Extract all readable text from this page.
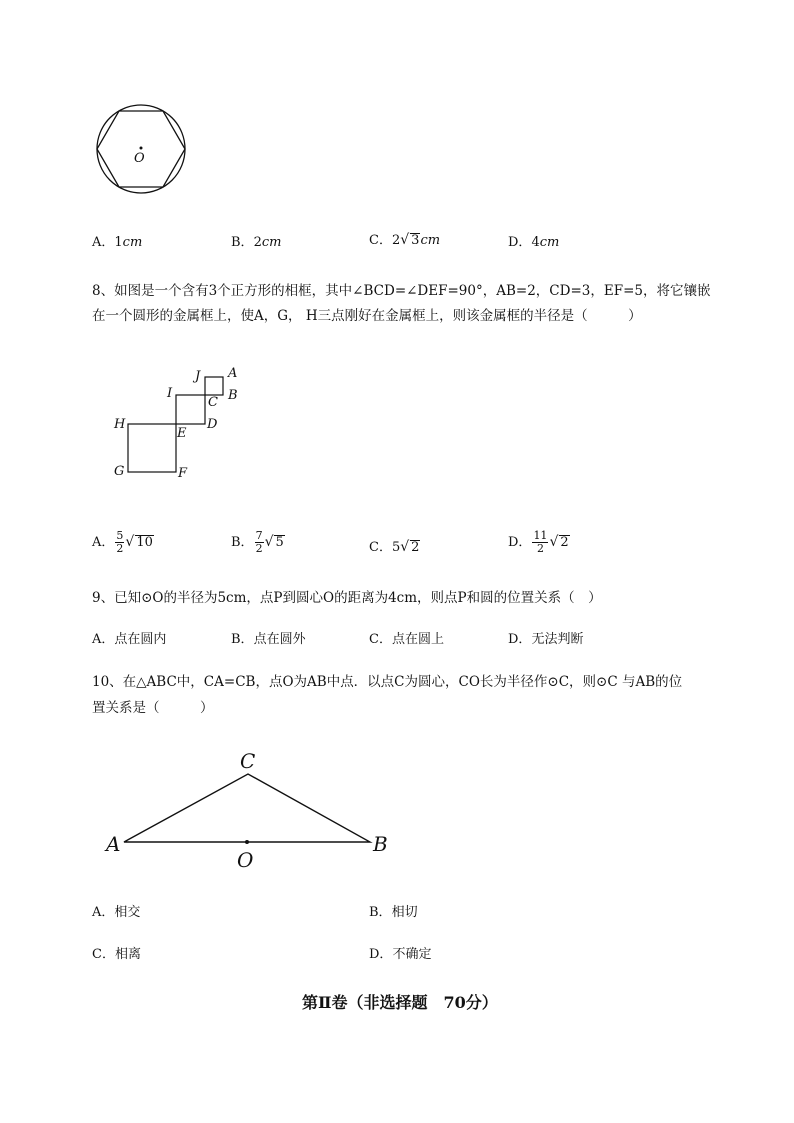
O
A．1cm	B．2cm	C．2√ 3cm	D．4cm
8、如图是一个含有3个正方形的相框，其中∠BCD=∠DEF=90°，AB=2，CD=3，EF=5，将它镶嵌
在一个圆形的金属框上，使A，G， H三点刚好在金属框上，则该金属框的半径是（　　　）
J A
I
C B
H
E
D
G	F
A． $\frac{5}{2}$ √ 10	B． $\frac{7}{2}$ √ 5	C．5√ 2	D． $\frac{11}{2}$ √ 2
9、已知⊙O的半径为5cm，点P到圆心O的距离为4cm，则点P和圆的位置关系（　）
A．点在圆内	B．点在圆外	C．点在圆上	D．无法判断
10、在△ABC中，CA=CB，点O为AB中点．以点C为圆心，CO长为半径作⊙C，则⊙C 与AB的位
置关系是（　　　）
C
A	B
O
A．相交	B．相切
C．相离	D．不确定
第Ⅱ卷（非选择题　70分）
